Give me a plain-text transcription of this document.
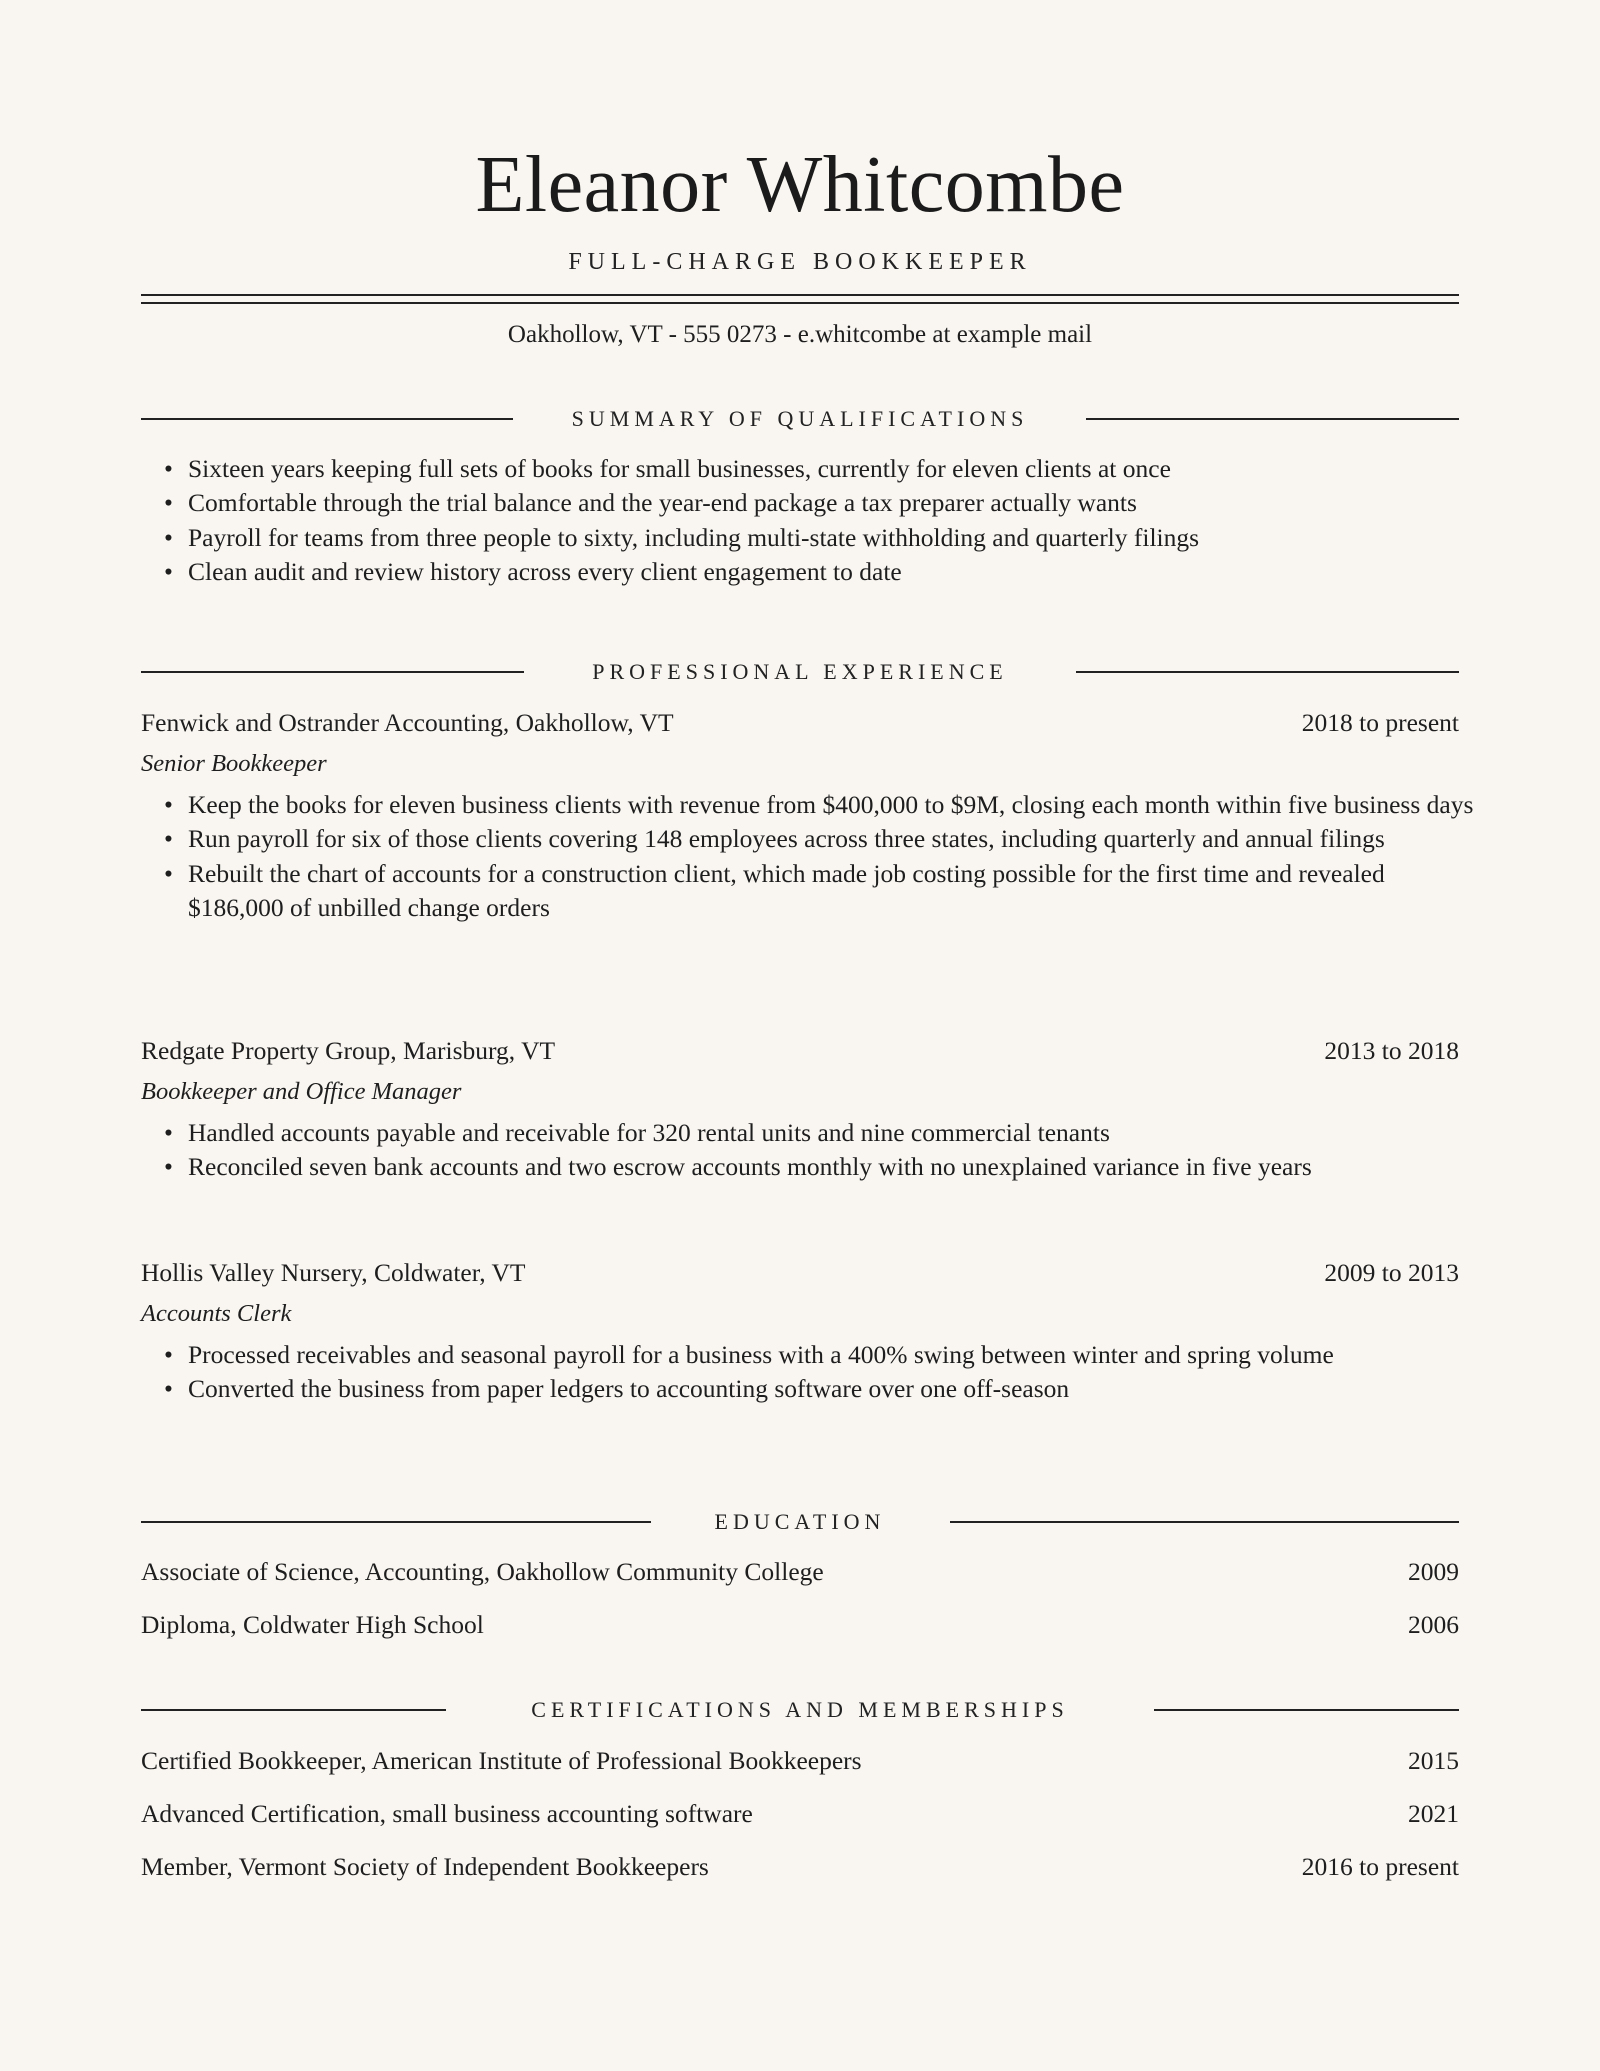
Eleanor Whitcombe
FULL-CHARGE BOOKKEEPER
Oakhollow, VT - 555 0273 - e.whitcombe at example mail
SUMMARY OF QUALIFICATIONS
• Sixteen years keeping full sets of books for small businesses, currently for eleven clients at once
• Comfortable through the trial balance and the year-end package a tax preparer actually wants
• Payroll for teams from three people to sixty, including multi-state withholding and quarterly filings
• Clean audit and review history across every client engagement to date
PROFESSIONAL EXPERIENCE
Fenwick and Ostrander Accounting, Oakhollow, VT	2018 to present
Senior Bookkeeper
• Keep the books for eleven business clients with revenue from $400,000 to $9M, closing each month within five business days
• Run payroll for six of those clients covering 148 employees across three states, including quarterly and annual filings
• Rebuilt the chart of accounts for a construction client, which made job costing possible for the first time and revealed $186,000 of unbilled change orders
Redgate Property Group, Marisburg, VT	2013 to 2018
Bookkeeper and Office Manager
• Handled accounts payable and receivable for 320 rental units and nine commercial tenants
• Reconciled seven bank accounts and two escrow accounts monthly with no unexplained variance in five years
Hollis Valley Nursery, Coldwater, VT	2009 to 2013
Accounts Clerk
• Processed receivables and seasonal payroll for a business with a 400% swing between winter and spring volume
• Converted the business from paper ledgers to accounting software over one off-season
EDUCATION
Associate of Science, Accounting, Oakhollow Community College	2009
Diploma, Coldwater High School	2006
CERTIFICATIONS AND MEMBERSHIPS
Certified Bookkeeper, American Institute of Professional Bookkeepers	2015
Advanced Certification, small business accounting software	2021
Member, Vermont Society of Independent Bookkeepers	2016 to present
